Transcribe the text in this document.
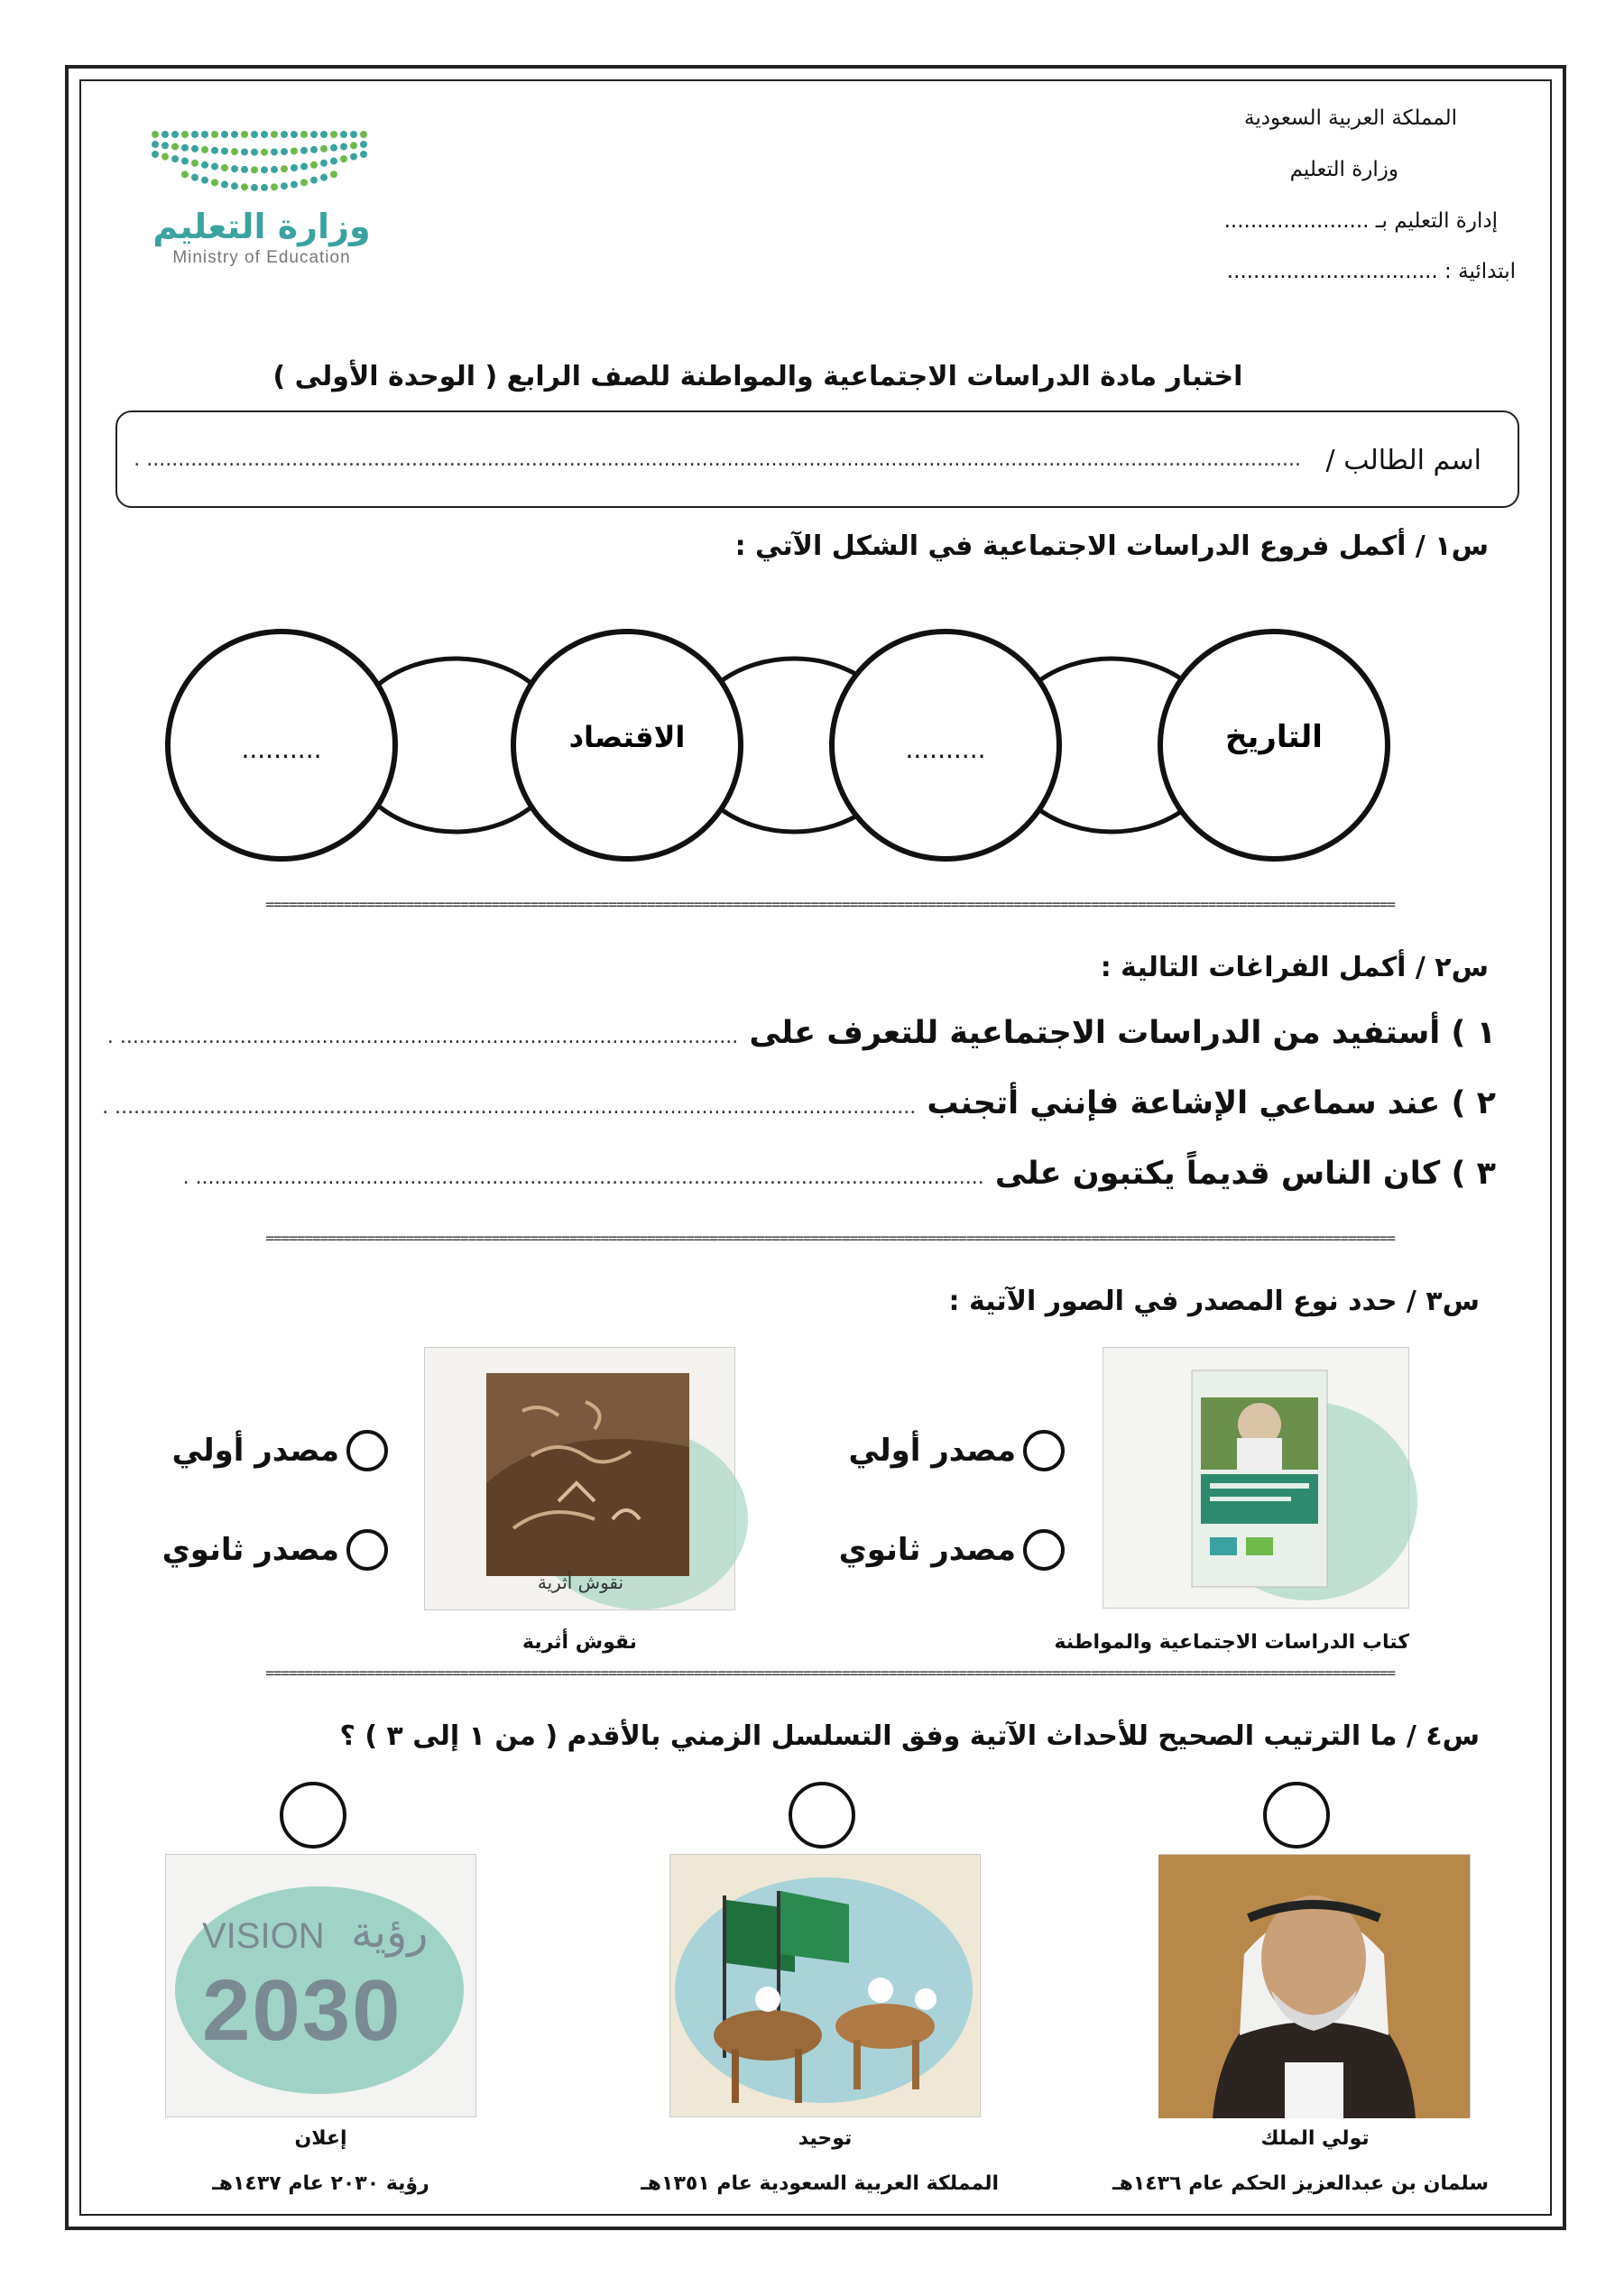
المملكة العربية السعودية
وزارة التعليم
إدارة التعليم بـ ......................
ابتدائية : ................................
وزارة التعليم
Ministry of Education
اختبار مادة الدراسات الاجتماعية والمواطنة للصف الرابع ( الوحدة الأولى )
اسم الطالب /
....................................................................................................................................................................................... .
س١ / أكمل فروع الدراسات الاجتماعية في الشكل الآتي :
التاريخ
..........
الاقتصاد
..........
=================================================================================================================================================
س٢ / أكمل الفراغات التالية :
١ ) أستفيد من الدراسات الاجتماعية للتعرف على .................................................................................................. .
٢ ) عند سماعي الإشاعة فإنني أتجنب ............................................................................................................................... .
٣ ) كان الناس قديماً يكتبون على ............................................................................................................................. .
=================================================================================================================================================
س٣ / حدد نوع المصدر في الصور الآتية :
كتاب الدراسات الاجتماعية والمواطنة
مصدر أولي
مصدر ثانوي
نقوش أثرية
نقوش أثرية
مصدر أولي
مصدر ثانوي
=================================================================================================================================================
س٤ / ما الترتيب الصحيح للأحداث الآتية وفق التسلسل الزمني بالأقدم ( من ١ إلى ٣ ) ؟
تولي الملك
سلمان بن عبدالعزيز الحكم عام ١٤٣٦هـ
توحيد
المملكة العربية السعودية عام ١٣٥١هـ
VISION رؤية
2030
إعلان
رؤية ٢٠٣٠ عام ١٤٣٧هـ
